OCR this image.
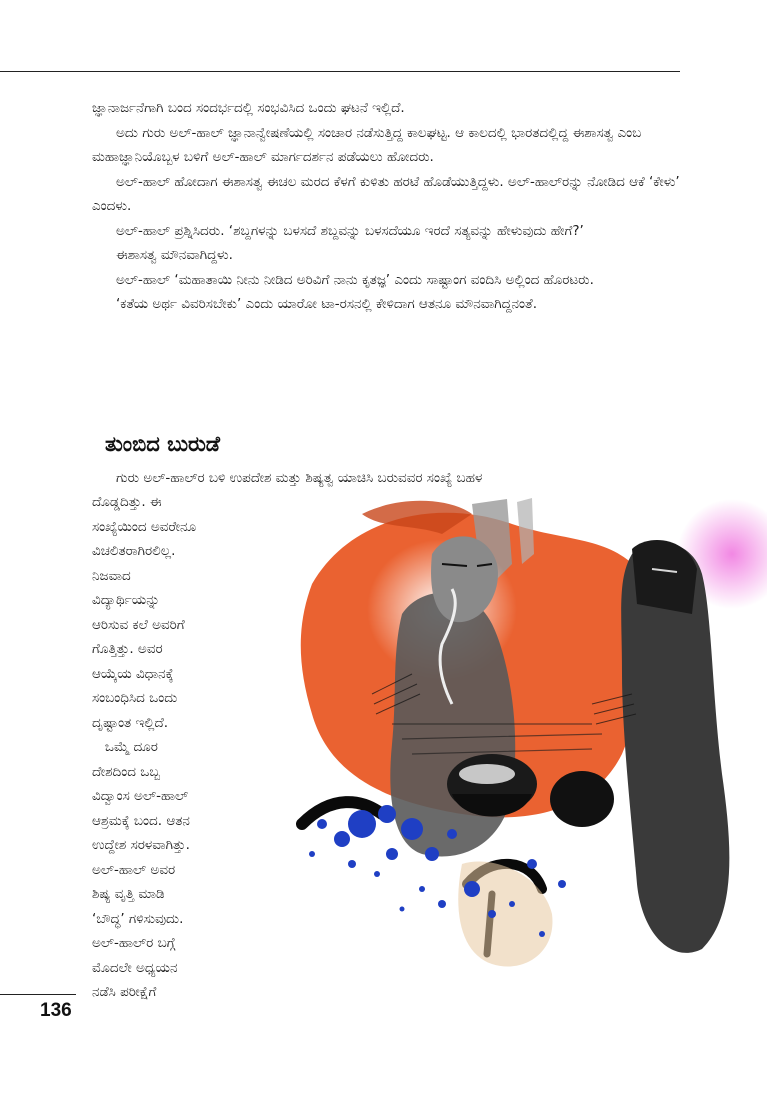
ಜ್ಞಾನಾರ್ಜನೆಗಾಗಿ ಬಂದ ಸಂದರ್ಭದಲ್ಲಿ ಸಂಭವಿಸಿದ ಒಂದು ಘಟನೆ ಇಲ್ಲಿದೆ.

ಅದು ಗುರು ಅಲ್-ಹಾಲ್ ಜ್ಞಾನಾನ್ವೇಷಣೆಯಲ್ಲಿ ಸಂಚಾರ ನಡೆಸುತ್ತಿದ್ದ ಕಾಲಘಟ್ಟ. ಆ ಕಾಲದಲ್ಲಿ ಭಾರತದಲ್ಲಿದ್ದ ಈಶಾಸತ್ವ ಎಂಬ ಮಹಾಜ್ಞಾನಿಯೊಬ್ಬಳ ಬಳಿಗೆ ಅಲ್-ಹಾಲ್ ಮಾರ್ಗದರ್ಶನ ಪಡೆಯಲು ಹೋದರು.

ಅಲ್-ಹಾಲ್ ಹೋದಾಗ ಈಶಾಸತ್ವ ಈಚಲ ಮರದ ಕೆಳಗೆ ಕುಳಿತು ಹರಟೆ ಹೊಡೆಯುತ್ತಿದ್ದಳು. ಅಲ್-ಹಾಲ್‌ರನ್ನು ನೋಡಿದ ಆಕೆ ‘ಕೇಳು’ ಎಂದಳು.

ಅಲ್-ಹಾಲ್ ಪ್ರಶ್ನಿಸಿದರು. ‘ಶಬ್ದಗಳನ್ನು ಬಳಸದೆ ಶಬ್ದವನ್ನು ಬಳಸದೆಯೂ ಇರದೆ ಸತ್ಯವನ್ನು ಹೇಳುವುದು ಹೇಗೆ?’

ಈಶಾಸತ್ವ ಮೌನವಾಗಿದ್ದಳು.

ಅಲ್-ಹಾಲ್ ‘ಮಹಾತಾಯಿ ನೀನು ನೀಡಿದ ಅರಿವಿಗೆ ನಾನು ಕೃತಜ್ಞ’ ಎಂದು ಸಾಷ್ಟಾಂಗ ವಂದಿಸಿ ಅಲ್ಲಿಂದ ಹೊರಟರು.

‘ಕತೆಯ ಅರ್ಥ ವಿವರಿಸಬೇಕು’ ಎಂದು ಯಾರೋ ಟಾ-ರಸನಲ್ಲಿ ಕೇಳಿದಾಗ ಆತನೂ ಮೌನವಾಗಿದ್ದನಂತೆ.

ತುಂಬಿದ ಬುರುಡೆ
ಗುರು ಅಲ್-ಹಾಲ್‌ರ ಬಳಿ ಉಪದೇಶ ಮತ್ತು ಶಿಷ್ಯತ್ವ ಯಾಚಿಸಿ ಬರುವವರ ಸಂಖ್ಯೆ ಬಹಳ
ದೊಡ್ಡದಿತ್ತು. ಈ
ಸಂಖ್ಯೆಯಿಂದ ಅವರೇನೂ
ವಿಚಲಿತರಾಗಿರಲಿಲ್ಲ.
ನಿಜವಾದ
ವಿದ್ಯಾರ್ಥಿಯನ್ನು
ಆರಿಸುವ ಕಲೆ ಅವರಿಗೆ
ಗೊತ್ತಿತ್ತು. ಅವರ
ಆಯ್ಕೆಯ ವಿಧಾನಕ್ಕೆ
ಸಂಬಂಧಿಸಿದ ಒಂದು
ದೃಷ್ಟಾಂತ ಇಲ್ಲಿದೆ.
ಒಮ್ಮೆ ದೂರ
ದೇಶದಿಂದ ಒಬ್ಬ
ವಿದ್ವಾಂಸ ಅಲ್-ಹಾಲ್
ಆಶ್ರಮಕ್ಕೆ ಬಂದ. ಆತನ
ಉದ್ದೇಶ ಸರಳವಾಗಿತ್ತು.
ಅಲ್-ಹಾಲ್ ಅವರ
ಶಿಷ್ಯ ವೃತ್ತಿ ಮಾಡಿ
‘ಬೌದ್ಧ’ ಗಳಿಸುವುದು.
ಅಲ್-ಹಾಲ್‌ರ ಬಗ್ಗೆ
ಮೊದಲೇ ಅಧ್ಯಯನ
ನಡೆಸಿ ಪರೀಕ್ಷೆಗೆ
136
